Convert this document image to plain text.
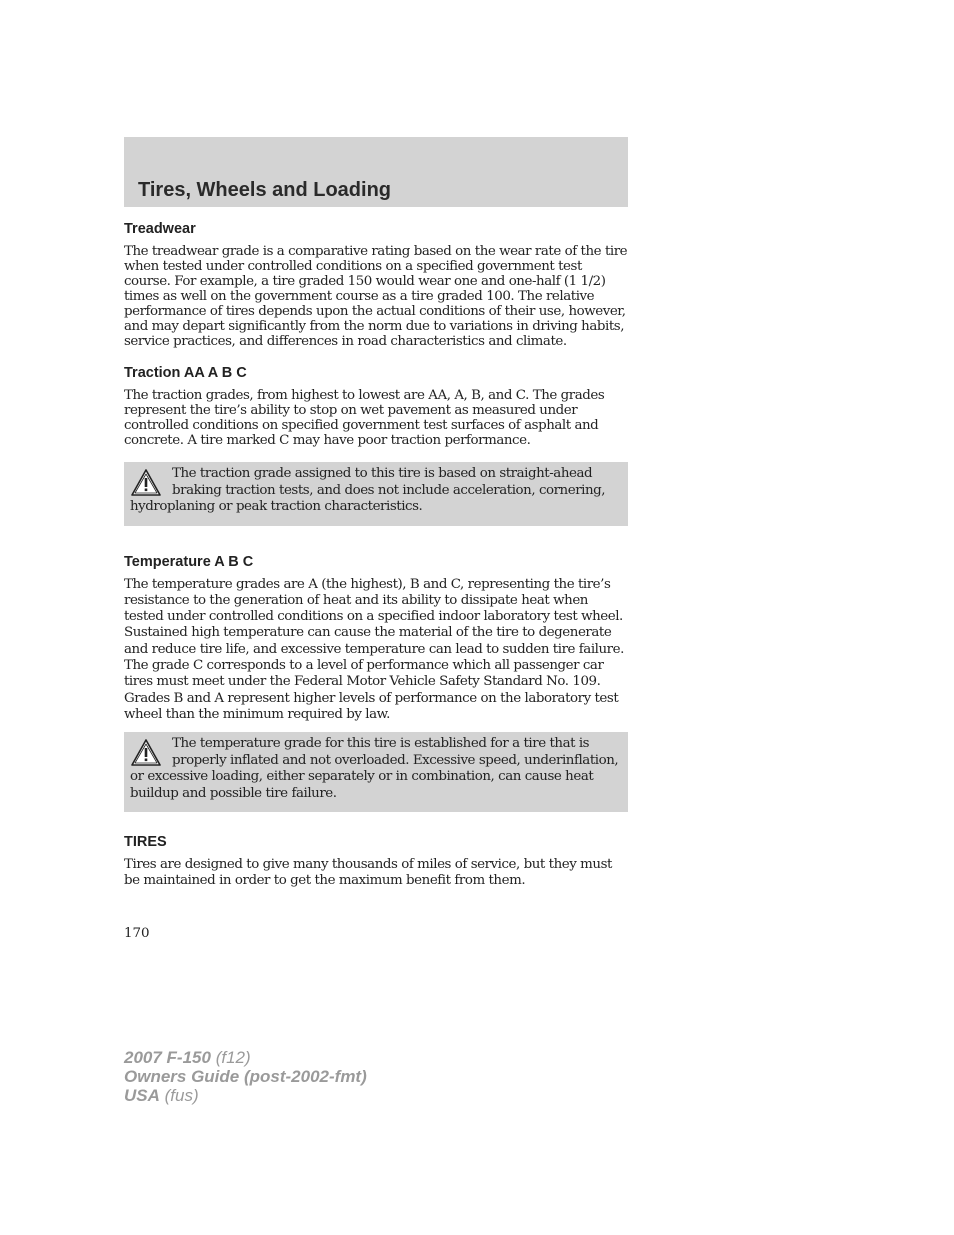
Tires, Wheels and Loading
Treadwear

The treadwear grade is a comparative rating based on the wear rate of the tire when tested under controlled conditions on a specified government test course. For example, a tire graded 150 would wear one and one-half (1 1/2) times as well on the government course as a tire graded 100. The relative performance of tires depends upon the actual conditions of their use, however, and may depart significantly from the norm due to variations in driving habits, service practices, and differences in road characteristics and climate.

Traction AA A B C

The traction grades, from highest to lowest are AA, A, B, and C. The grades represent the tire’s ability to stop on wet pavement as measured under controlled conditions on specified government test surfaces of asphalt and concrete. A tire marked C may have poor traction performance.

The traction grade assigned to this tire is based on straight-ahead braking traction tests, and does not include acceleration, cornering, hydroplaning or peak traction characteristics.

Temperature A B C

The temperature grades are A (the highest), B and C, representing the tire’s resistance to the generation of heat and its ability to dissipate heat when tested under controlled conditions on a specified indoor laboratory test wheel. Sustained high temperature can cause the material of the tire to degenerate and reduce tire life, and excessive temperature can lead to sudden tire failure. The grade C corresponds to a level of performance which all passenger car tires must meet under the Federal Motor Vehicle Safety Standard No. 109. Grades B and A represent higher levels of performance on the laboratory test wheel than the minimum required by law.

The temperature grade for this tire is established for a tire that is properly inflated and not overloaded. Excessive speed, underinflation, or excessive loading, either separately or in combination, can cause heat buildup and possible tire failure.

TIRES

Tires are designed to give many thousands of miles of service, but they must be maintained in order to get the maximum benefit from them.

170
2007 F-150 (f12)
Owners Guide (post-2002-fmt)
USA (fus)
